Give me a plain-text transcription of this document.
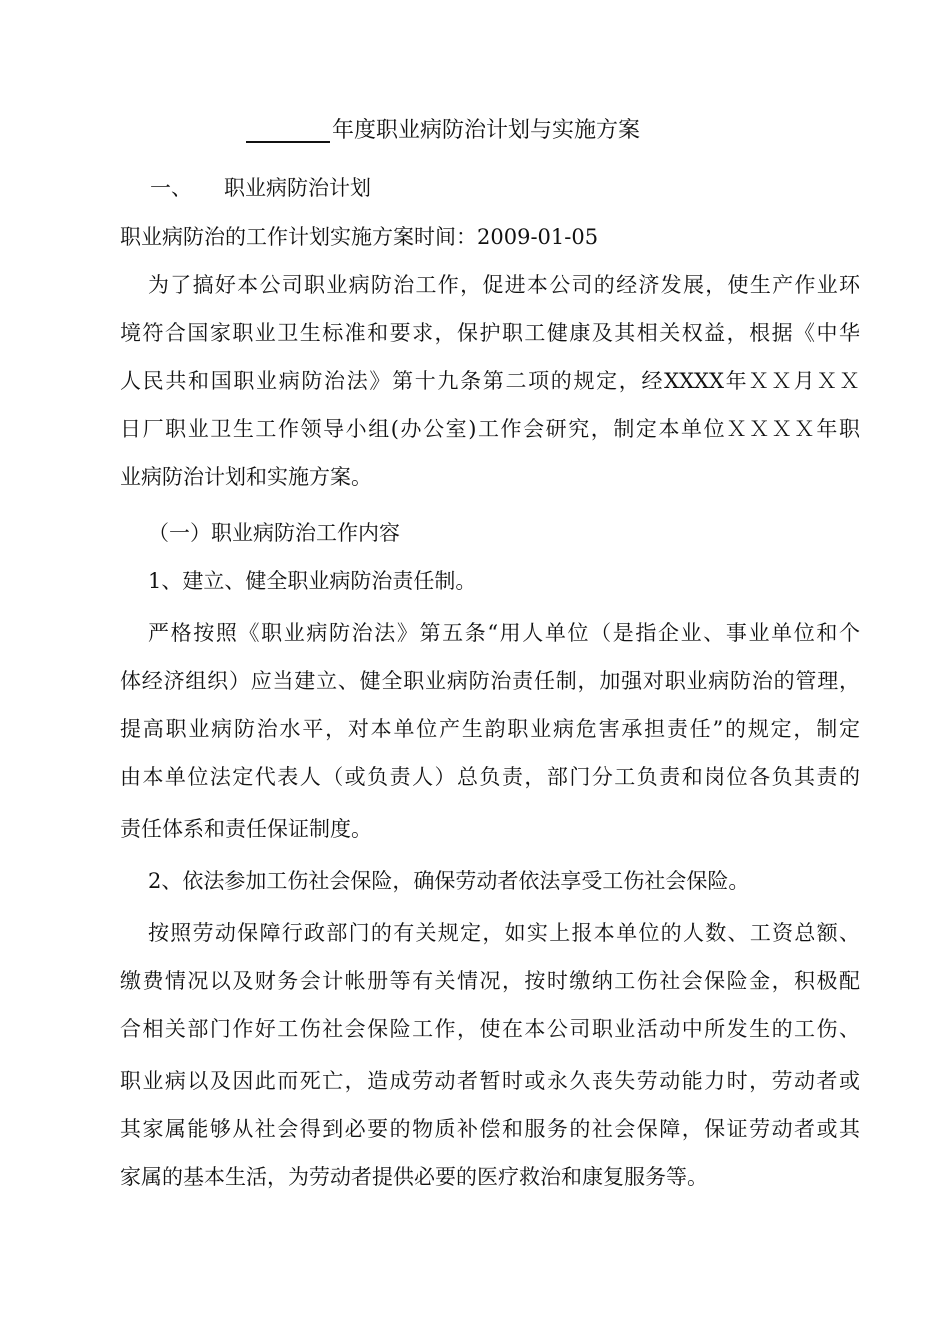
年度职业病防治计划与实施方案
一、 职业病防治计划
职业病防治的工作计划实施方案时间：2009-01-05
为了搞好本公司职业病防治工作，促进本公司的经济发展，使生产作业环
境符合国家职业卫生标准和要求，保护职工健康及其相关权益，根据《中华
人民共和国职业病防治法》第十九条第二项的规定，经XXXX年ＸＸ月ＸＸ
日厂职业卫生工作领导小组(办公室)工作会研究，制定本单位ＸＸＸＸ年职
业病防治计划和实施方案。
（一）职业病防治工作内容
1、建立、健全职业病防治责任制。
严格按照《职业病防治法》第五条“用人单位（是指企业、事业单位和个
体经济组织）应当建立、健全职业病防治责任制，加强对职业病防治的管理，
提高职业病防治水平，对本单位产生韵职业病危害承担责任”的规定，制定
由本单位法定代表人（或负责人）总负责，部门分工负责和岗位各负其责的
责任体系和责任保证制度。
2、依法参加工伤社会保险，确保劳动者依法享受工伤社会保险。
按照劳动保障行政部门的有关规定，如实上报本单位的人数、工资总额、
缴费情况以及财务会计帐册等有关情况，按时缴纳工伤社会保险金，积极配
合相关部门作好工伤社会保险工作，使在本公司职业活动中所发生的工伤、
职业病以及因此而死亡，造成劳动者暂时或永久丧失劳动能力时，劳动者或
其家属能够从社会得到必要的物质补偿和服务的社会保障，保证劳动者或其
家属的基本生活，为劳动者提供必要的医疗救治和康复服务等。
